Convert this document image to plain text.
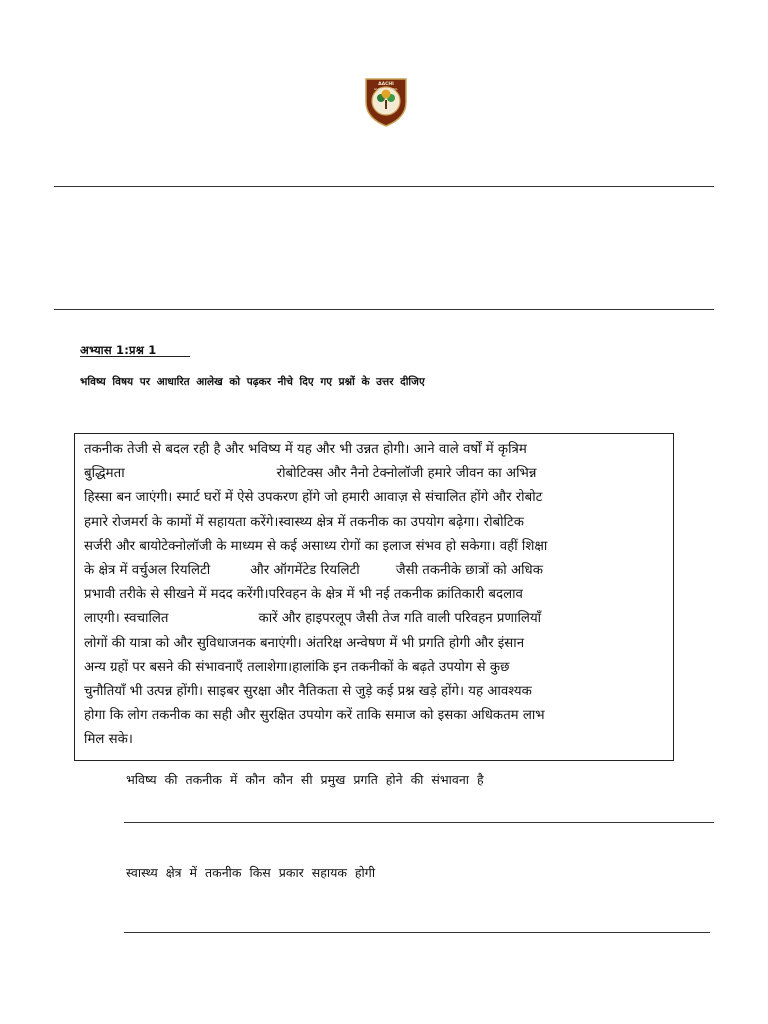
AACHI
GLOBAL SCHOOL
अभ्यास 1:प्रश्न 1
भविष्य विषय पर आधारित आलेख को पढ़कर नीचे दिए गए प्रश्नों के उत्तर दीजिए

तकनीक तेजी से बदल रही है और भविष्य में यह और भी उन्नत होगी। आने वाले वर्षों में कृत्रिम
बुद्धिमता	रोबोटिक्स और नैनो टेक्नोलॉजी हमारे जीवन का अभिन्न
हिस्सा बन जाएंगी। स्मार्ट घरों में ऐसे उपकरण होंगे जो हमारी आवाज़ से संचालित होंगे और रोबोट
हमारे रोजमर्रा के कामों में सहायता करेंगे।स्वास्थ्य क्षेत्र में तकनीक का उपयोग बढ़ेगा। रोबोटिक
सर्जरी और बायोटेक्नोलॉजी के माध्यम से कई असाध्य रोगों का इलाज संभव हो सकेगा। वहीं शिक्षा
के क्षेत्र में वर्चुअल रियलिटी	और ऑगमेंटेड रियलिटी	जैसी तकनीके छात्रों को अधिक
प्रभावी तरीके से सीखने में मदद करेंगी।परिवहन के क्षेत्र में भी नई तकनीक क्रांतिकारी बदलाव
लाएगी। स्वचालित	कारें और हाइपरलूप जैसी तेज गति वाली परिवहन प्रणालियाँ
लोगों की यात्रा को और सुविधाजनक बनाएंगी। अंतरिक्ष अन्वेषण में भी प्रगति होगी और इंसान
अन्य ग्रहों पर बसने की संभावनाएँ तलाशेगा।हालांकि इन तकनीकों के बढ़ते उपयोग से कुछ
चुनौतियाँ भी उत्पन्न होंगी। साइबर सुरक्षा और नैतिकता से जुड़े कई प्रश्न खड़े होंगे। यह आवश्यक
होगा कि लोग तकनीक का सही और सुरक्षित उपयोग करें ताकि समाज को इसका अधिकतम लाभ
मिल सके।

भविष्य की तकनीक में कौन कौन सी प्रमुख प्रगति होने की संभावना है
स्वास्थ्य क्षेत्र में तकनीक किस प्रकार सहायक होगी
